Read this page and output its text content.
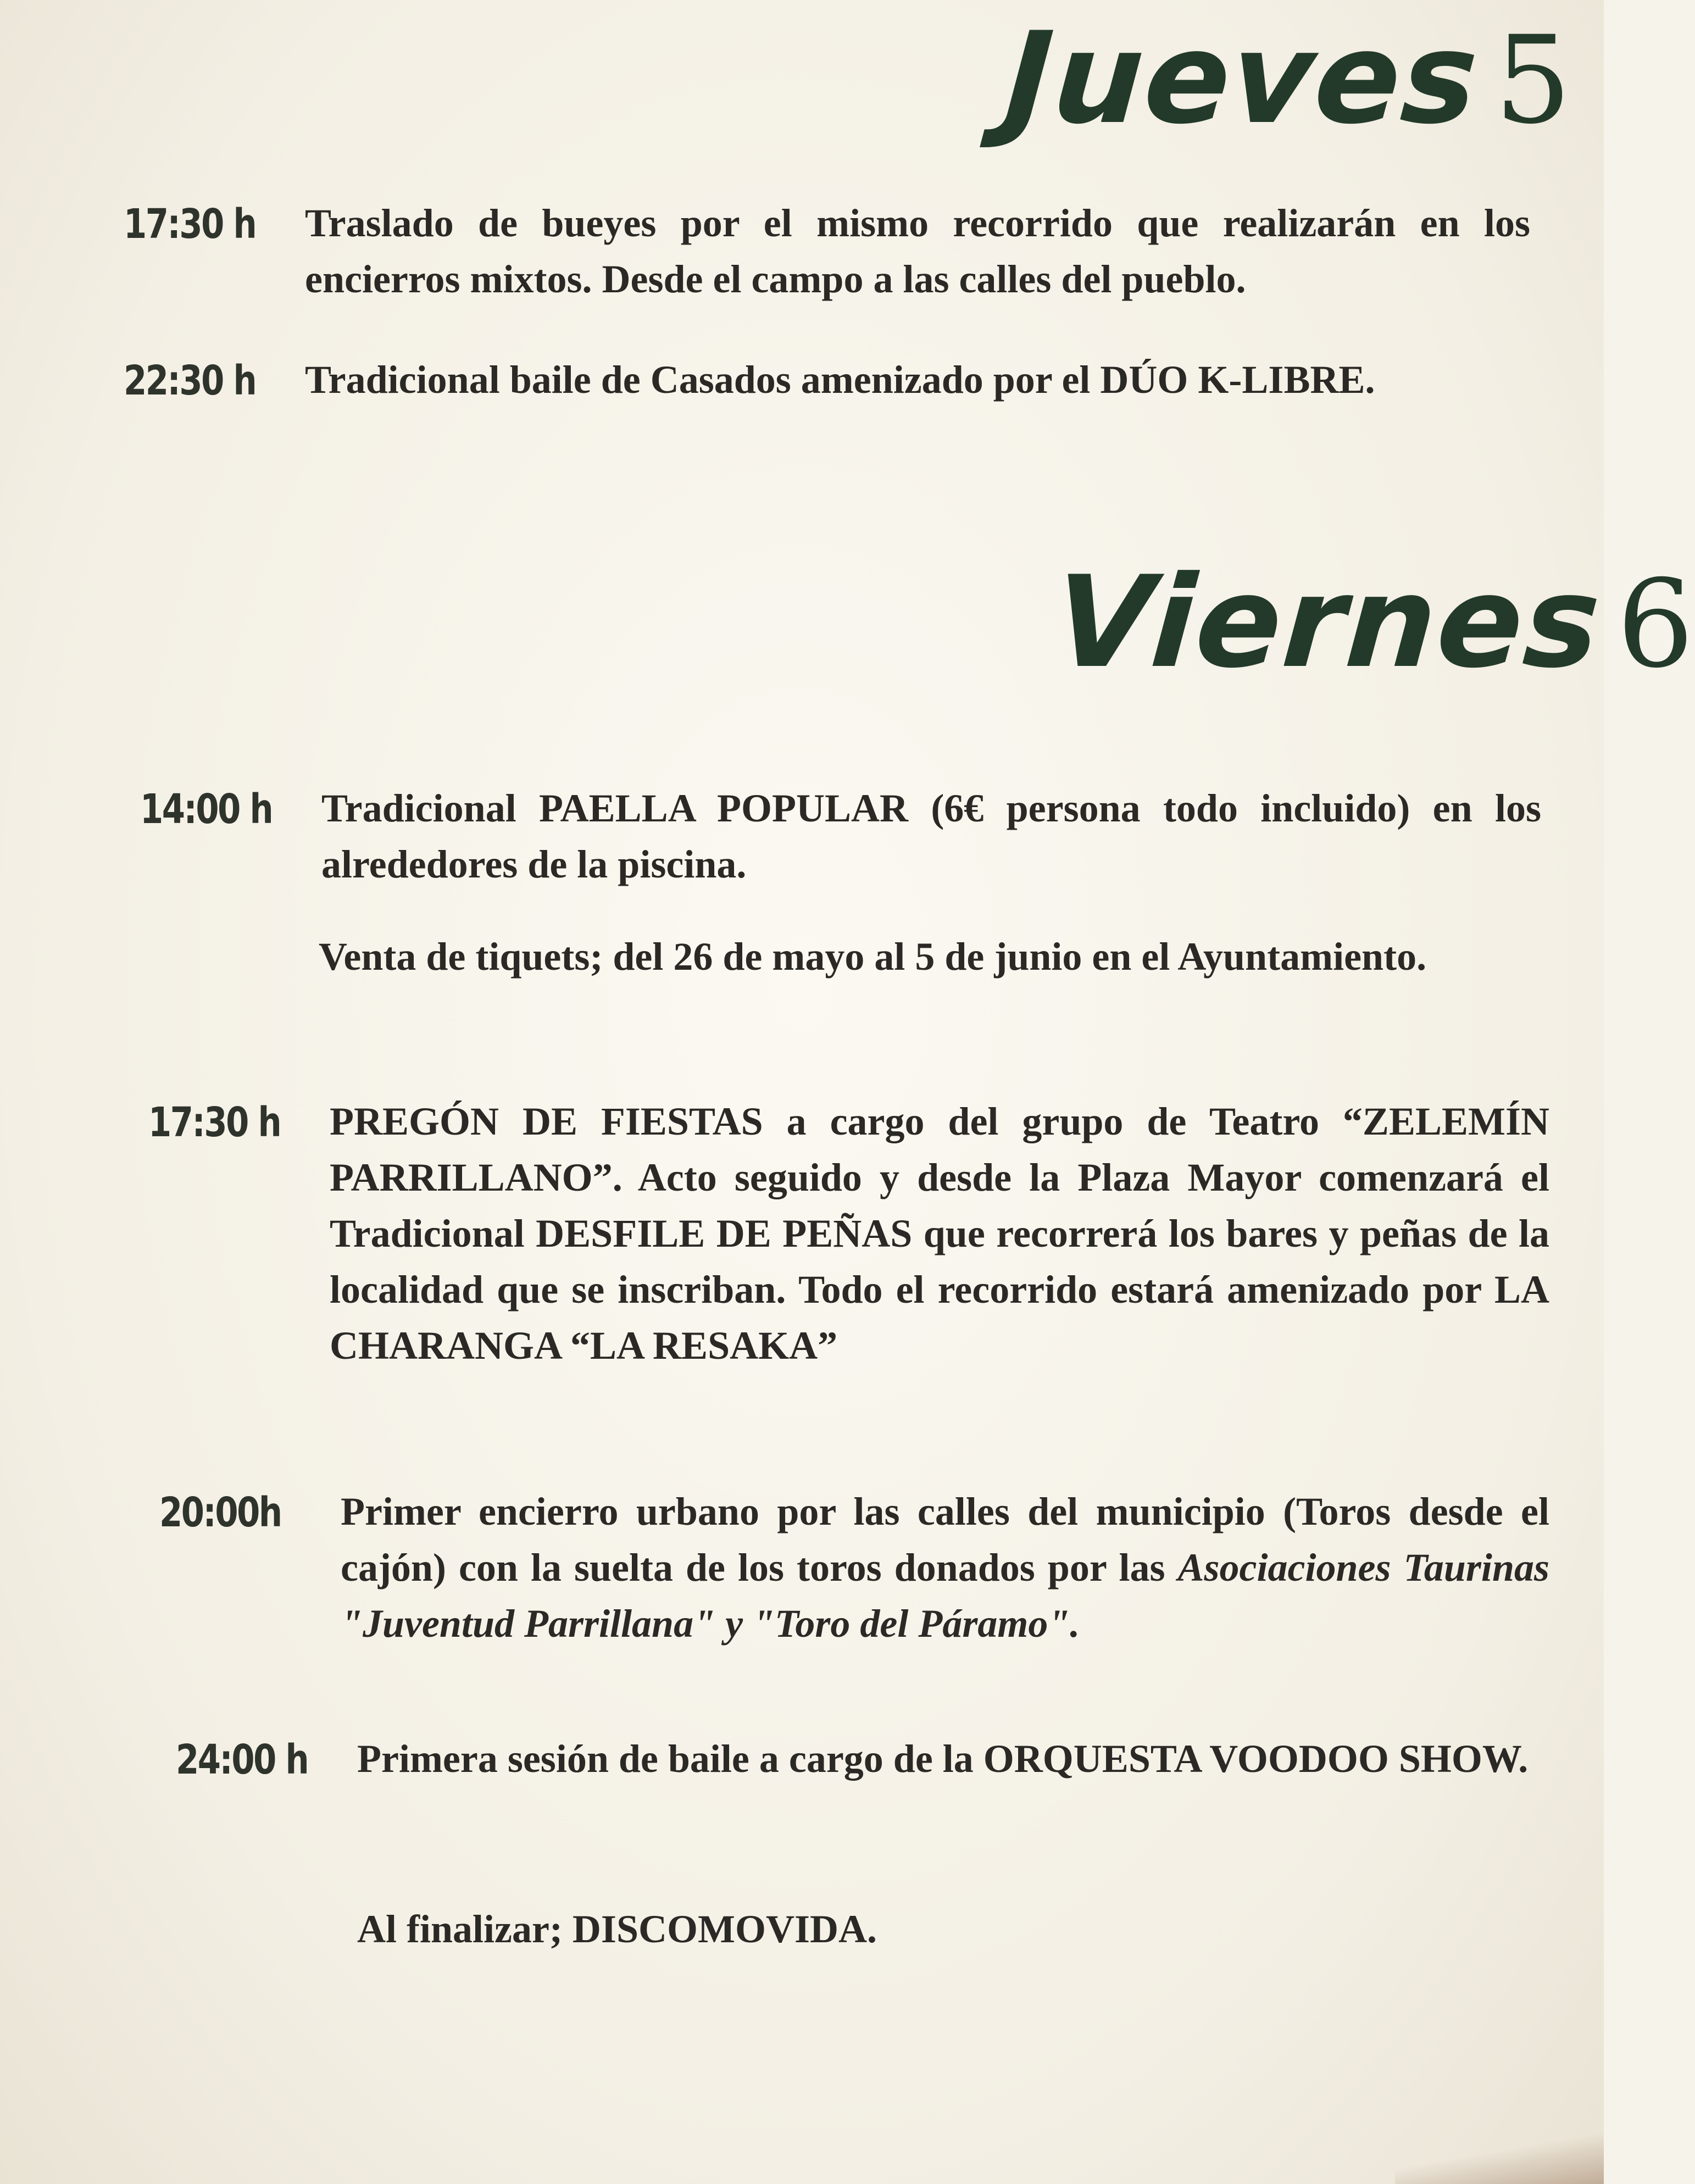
Jueves5
17:30 h	Traslado de bueyes por el mismo recorrido que realizarán en los encierros mixtos. Desde el campo a las calles del pueblo.
22:30 h	Tradicional baile de Casados amenizado por el DÚO K-LIBRE.
Viernes6
14:00 h	Tradicional PAELLA POPULAR (6€ persona todo incluido) en los alrededores de la piscina.
Venta de tiquets; del 26 de mayo al 5 de junio en el Ayuntamiento.
17:30 h	PREGÓN DE FIESTAS a cargo del grupo de Teatro “ZELEMÍN PARRILLANO”. Acto seguido y desde la Plaza Mayor comenzará el Tradicional DESFILE DE PEÑAS que recorrerá los bares y peñas de la localidad que se inscriban. Todo el recorrido estará amenizado por LA CHARANGA “LA RESAKA”
20:00h	Primer encierro urbano por las calles del municipio (Toros desde el cajón) con la suelta de los toros donados por las Asociaciones Taurinas "Juventud Parrillana" y "Toro del Páramo".
24:00 h	Primera sesión de baile a cargo de la ORQUESTA VOODOO SHOW.
Al finalizar; DISCOMOVIDA.
